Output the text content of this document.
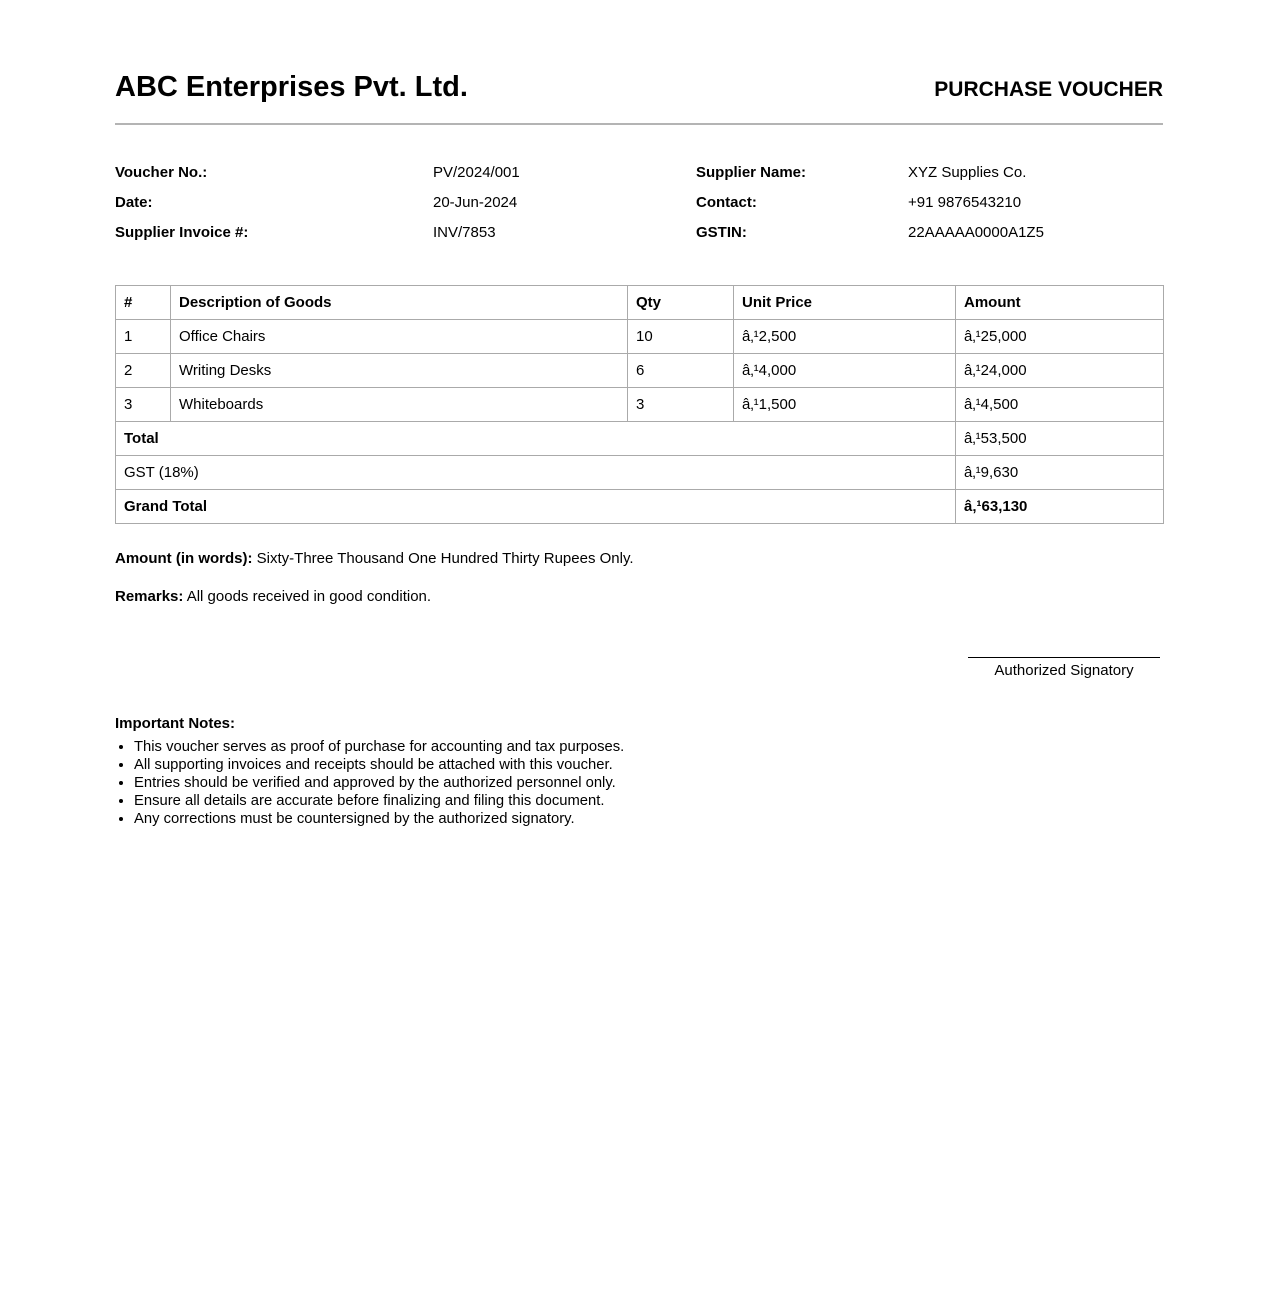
ABC Enterprises Pvt. Ltd.	PURCHASE VOUCHER
Voucher No.:	PV/2024/001	Supplier Name:	XYZ Supplies Co.
Date:	20-Jun-2024	Contact:	+91 9876543210
Supplier Invoice #:	INV/7853	GSTIN:	22AAAAA0000A1Z5
#	Description of Goods	Qty	Unit Price	Amount
1	Office Chairs	10	â‚¹2,500	â‚¹25,000
2	Writing Desks	6	â‚¹4,000	â‚¹24,000
3	Whiteboards	3	â‚¹1,500	â‚¹4,500
Total				â‚¹53,500
GST (18%)				â‚¹9,630
Grand Total				â‚¹63,130
Amount (in words): Sixty-Three Thousand One Hundred Thirty Rupees Only.
Remarks: All goods received in good condition.
Authorized Signatory
Important Notes:
• This voucher serves as proof of purchase for accounting and tax purposes.
• All supporting invoices and receipts should be attached with this voucher.
• Entries should be verified and approved by the authorized personnel only.
• Ensure all details are accurate before finalizing and filing this document.
• Any corrections must be countersigned by the authorized signatory.
